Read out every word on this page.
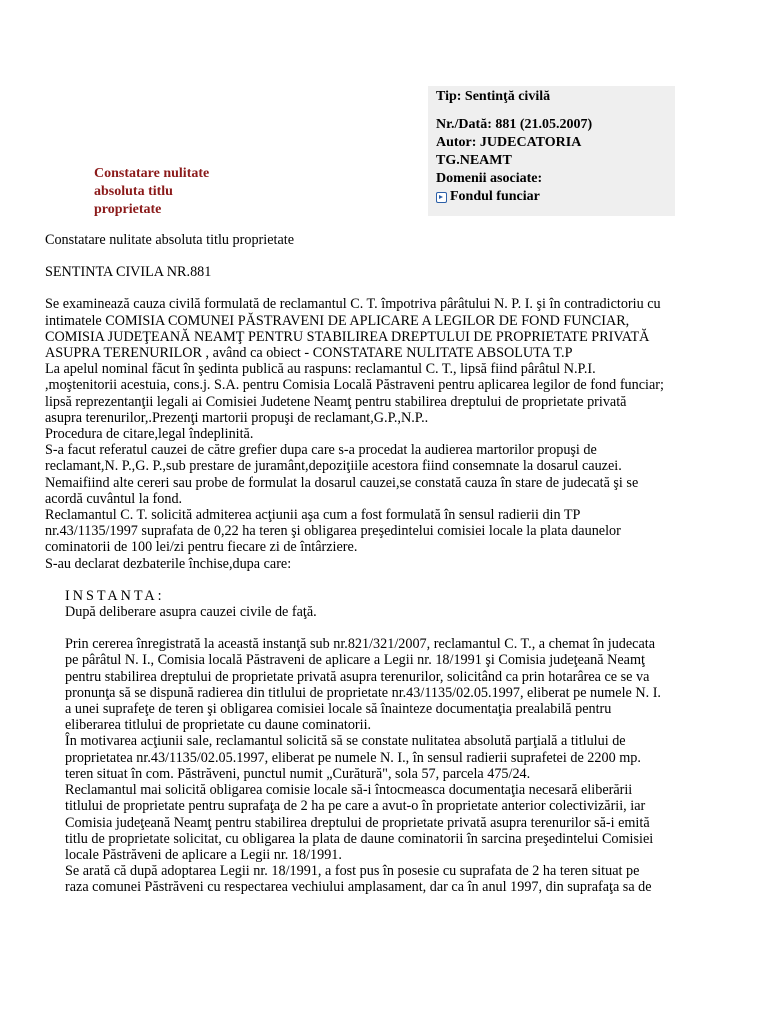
Constatare nulitate
absoluta titlu
proprietate
Tip: Sentinţă civilă
Nr./Dată: 881 (21.05.2007)
Autor: JUDECATORIA
TG.NEAMT
Domenii asociate:
Fondul funciar

Constatare nulitate absoluta titlu proprietate

SENTINTA CIVILA NR.881

Se examinează cauza civilă formulată de reclamantul C. T. împotriva pârâtului N. P. I. şi în contradictoriu cu

intimatele COMISIA COMUNEI PĂSTRAVENI DE APLICARE A LEGILOR DE FOND FUNCIAR,

COMISIA JUDEŢEANĂ NEAMŢ PENTRU STABILIREA DREPTULUI DE PROPRIETATE PRIVATĂ

ASUPRA TERENURILOR , având ca obiect - CONSTATARE NULITATE ABSOLUTA T.P

La apelul nominal făcut în şedinta publică au raspuns: reclamantul C. T., lipsă fiind pârâtul N.P.I.

,moştenitorii acestuia, cons.j. S.A. pentru Comisia Locală Păstraveni pentru aplicarea legilor de fond funciar;

lipsă reprezentanţii legali ai Comisiei Judetene Neamţ pentru stabilirea dreptului de proprietate privată

asupra terenurilor,.Prezenţi martorii propuşi de reclamant,G.P.,N.P..

Procedura de citare,legal îndeplinită.

S-a facut referatul cauzei de către grefier dupa care s-a procedat la audierea martorilor propuşi de

reclamant,N. P.,G. P.,sub prestare de juramânt,depoziţiile acestora fiind consemnate la dosarul cauzei.

Nemaifiind alte cereri sau probe de formulat la dosarul cauzei,se constată cauza în stare de judecată şi se

acordă cuvântul la fond.

Reclamantul C. T. solicită admiterea acţiunii aşa cum a fost formulată în sensul radierii din TP

nr.43/1135/1997 suprafata de 0,22 ha teren şi obligarea preşedintelui comisiei locale la plata daunelor

cominatorii de 100 lei/zi pentru fiecare zi de întârziere.

S-au declarat dezbaterile închise,dupa care:

INSTANTA:

După deliberare asupra cauzei civile de faţă.

Prin cererea înregistrată la această instanţă sub nr.821/321/2007, reclamantul C. T., a chemat în judecata

pe pârâtul N. I., Comisia locală Păstraveni de aplicare a Legii nr. 18/1991 şi Comisia judeţeană Neamţ

pentru stabilirea dreptului de proprietate privată asupra terenurilor, solicitând ca prin hotarârea ce se va

pronunţa să se dispună radierea din titlului de proprietate nr.43/1135/02.05.1997, eliberat pe numele N. I.

a unei suprafeţe de teren şi obligarea comisiei locale să înainteze documentaţia prealabilă pentru

eliberarea titlului de proprietate cu daune cominatorii.

În motivarea acţiunii sale, reclamantul solicită să se constate nulitatea absolută parţială a titlului de

proprietatea nr.43/1135/02.05.1997, eliberat pe numele N. I., în sensul radierii suprafetei de 2200 mp.

teren situat în com. Păstrăveni, punctul numit „Curătură", sola 57, parcela 475/24.

Reclamantul mai solicită obligarea comisie locale să-i întocmeasca documentaţia necesară eliberării

titlului de proprietate pentru suprafaţa de 2 ha pe care a avut-o în proprietate anterior colectivizării, iar

Comisia judeţeană Neamţ pentru stabilirea dreptului de proprietate privată asupra terenurilor să-i emită

titlu de proprietate solicitat, cu obligarea la plata de daune cominatorii în sarcina preşedintelui Comisiei

locale Păstrăveni de aplicare a Legii nr. 18/1991.

Se arată că după adoptarea Legii nr. 18/1991, a fost pus în posesie cu suprafata de 2 ha teren situat pe

raza comunei Păstrăveni cu respectarea vechiului amplasament, dar ca în anul 1997, din suprafaţa sa de
